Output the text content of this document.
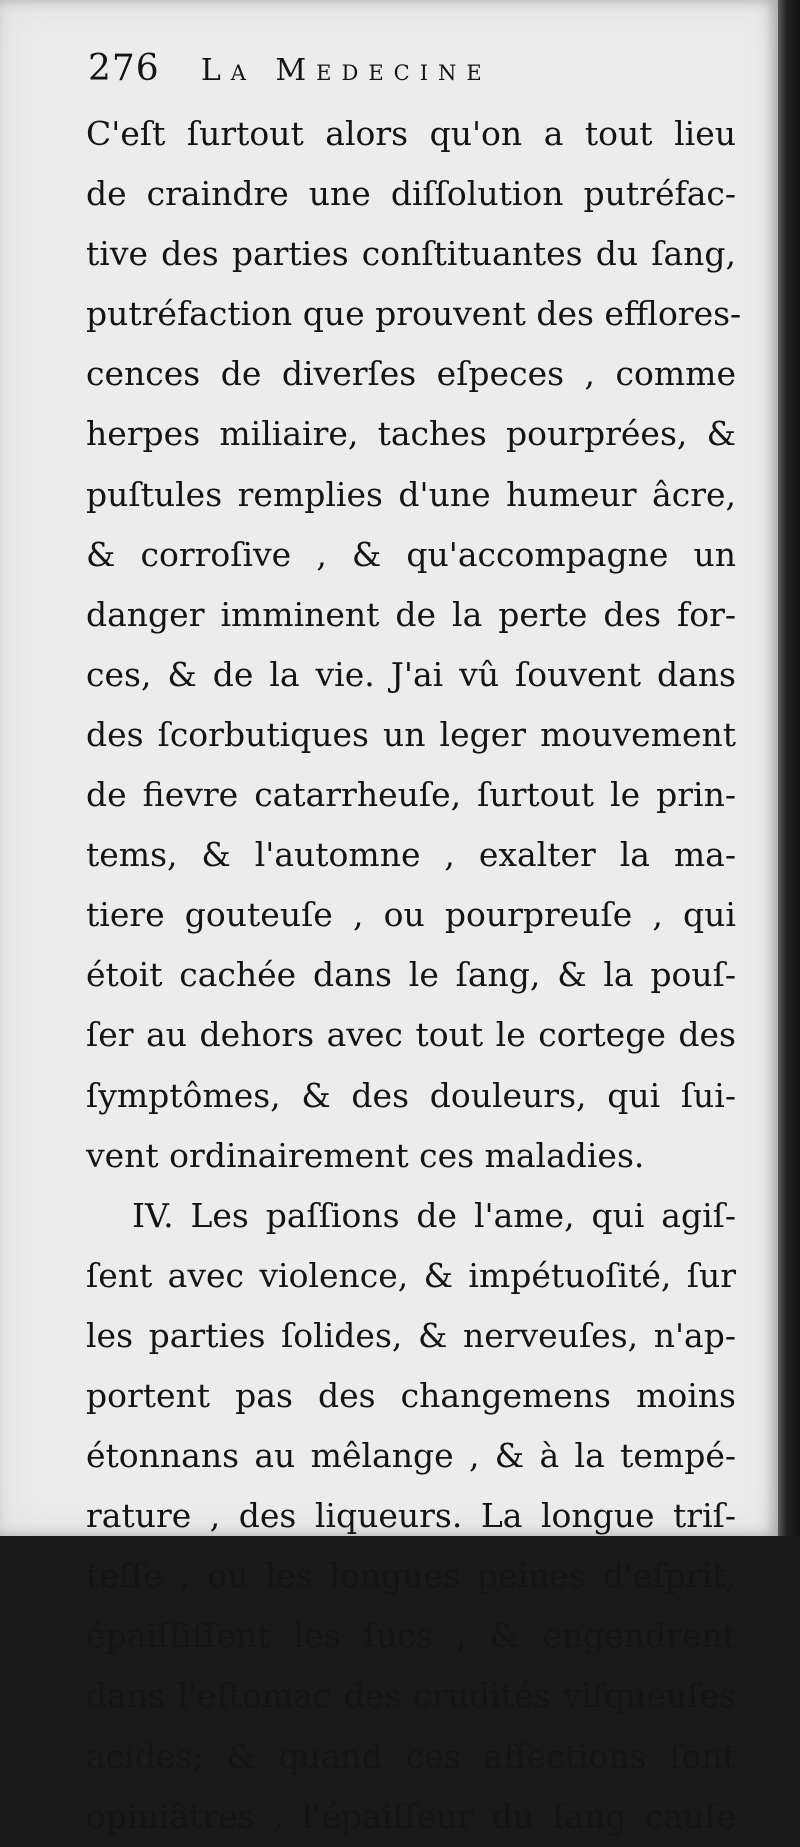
276 La Medecine
C'eſt ſurtout alors qu'on a tout lieu
de craindre une diſſolution putréfac-
tive des parties conſtituantes du ſang,
putréfaction que prouvent des efflores-
cences de diverſes eſpeces , comme
herpes miliaire, taches pourprées, &
puſtules remplies d'une humeur âcre,
& corroſive , & qu'accompagne un
danger imminent de la perte des for-
ces, & de la vie. J'ai vû ſouvent dans
des ſcorbutiques un leger mouvement
de fievre catarrheuſe, ſurtout le prin-
tems, & l'automne , exalter la ma-
tiere gouteuſe , ou pourpreuſe , qui
étoit cachée dans le ſang, & la pouſ-
ſer au dehors avec tout le cortege des
ſymptômes, & des douleurs, qui ſui-
vent ordinairement ces maladies.
IV. Les paſſions de l'ame, qui agiſ-
ſent avec violence, & impétuoſité, ſur
les parties ſolides, & nerveuſes, n'ap-
portent pas des changemens moins
étonnans au mêlange , & à la tempé-
rature , des liqueurs. La longue triſ-
teſſe , ou les longues peines d'eſprit,
épaiſſiſſent les ſucs , & engendrent
dans l'eſtomac des crudités viſqueuſes
acides; & quand ces affections ſont
opiniâtres , l'épaiſſeur du ſang cauſe
